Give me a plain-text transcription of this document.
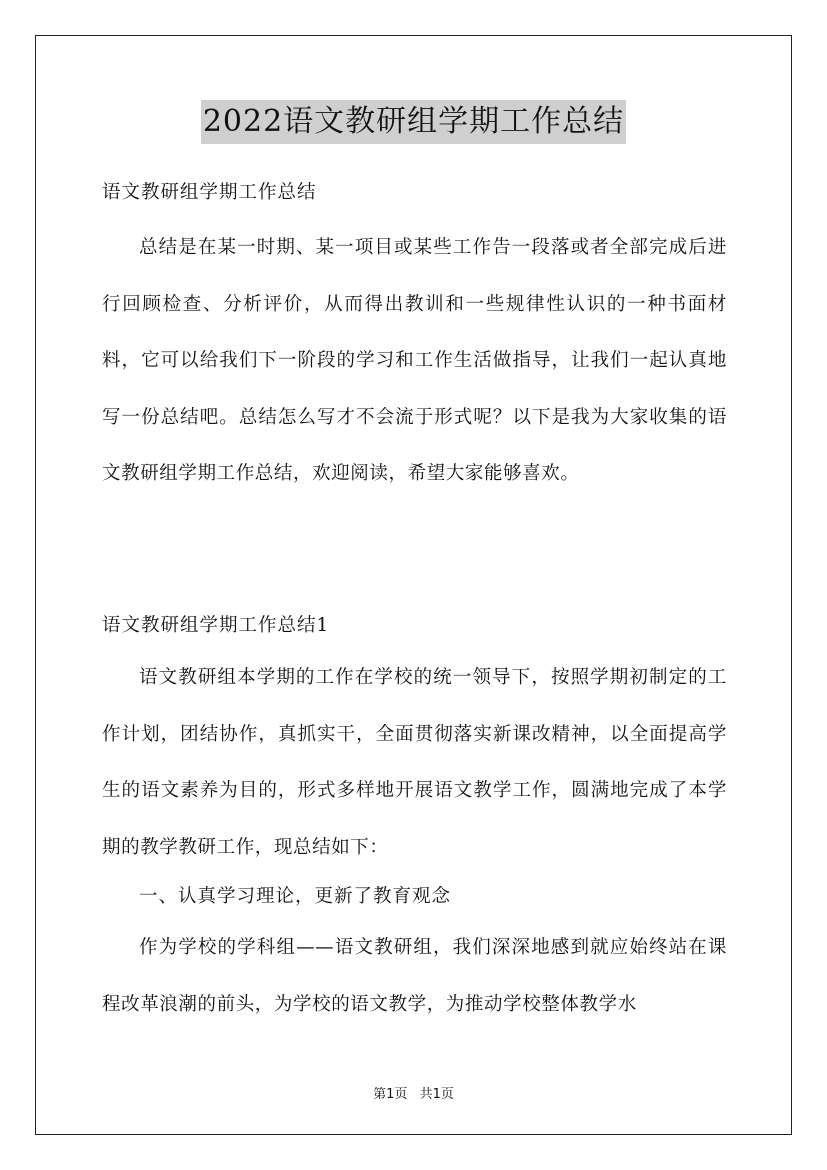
2022语文教研组学期工作总结
语文教研组学期工作总结

总结是在某一时期、某一项目或某些工作告一段落或者全部完成后进行回顾检查、分析评价，从而得出教训和一些规律性认识的一种书面材料，它可以给我们下一阶段的学习和工作生活做指导，让我们一起认真地写一份总结吧。总结怎么写才不会流于形式呢？以下是我为大家收集的语文教研组学期工作总结，欢迎阅读，希望大家能够喜欢。

语文教研组学期工作总结1

语文教研组本学期的工作在学校的统一领导下，按照学期初制定的工作计划，团结协作，真抓实干，全面贯彻落实新课改精神，以全面提高学生的语文素养为目的，形式多样地开展语文教学工作，圆满地完成了本学期的教学教研工作，现总结如下：

一、认真学习理论，更新了教育观念

作为学校的学科组——语文教研组，我们深深地感到就应始终站在课程改革浪潮的前头，为学校的语文教学，为推动学校整体教学水

第1页 共1页
